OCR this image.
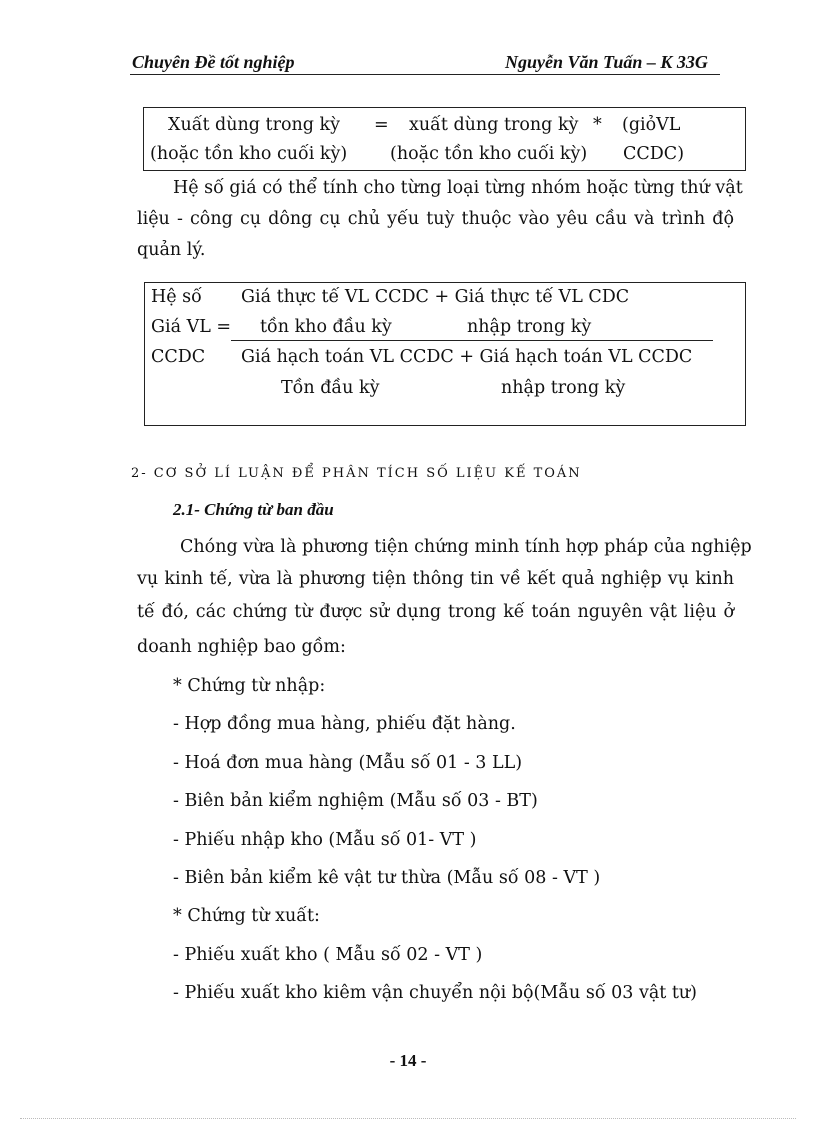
Chuyên Đề tốt nghiệp	Nguyễn Văn Tuấn – K 33G
Xuất dùng trong kỳ = xuất dùng trong kỳ * (giỏVL
(hoặc tồn kho cuối kỳ) (hoặc tồn kho cuối kỳ) CCDC)
Hệ số giá có thể tính cho từng loại từng nhóm hoặc từng thứ vật
liệu - công cụ dông cụ chủ yếu tuỳ thuộc vào yêu cầu và trình độ
quản lý.
Hệ số
Giá VL =
CCDC
Giá thực tế VL CCDC + Giá thực tế VL CDC
tồn kho đầu kỳ	nhập trong kỳ
Giá hạch toán VL CCDC + Giá hạch toán VL CCDC
Tồn đầu kỳ	nhập trong kỳ
2- CƠ SỞ LÍ LUẬN ĐỂ PHÂN TÍCH SỐ LIỆU KẾ TOÁN
2.1- Chứng từ ban đầu
Chóng vừa là phương tiện chứng minh tính hợp pháp của nghiệp
vụ kinh tế, vừa là phương tiện thông tin về kết quả nghiệp vụ kinh
tế đó, các chứng từ được sử dụng trong kế toán nguyên vật liệu ở
doanh nghiệp bao gồm:
* Chứng từ nhập:
- Hợp đồng mua hàng, phiếu đặt hàng.
- Hoá đơn mua hàng (Mẫu số 01 - 3 LL)
- Biên bản kiểm nghiệm (Mẫu số 03 - BT)
- Phiếu nhập kho (Mẫu số 01- VT )
- Biên bản kiểm kê vật tư thừa (Mẫu số 08 - VT )
* Chứng từ xuất:
- Phiếu xuất kho ( Mẫu số 02 - VT )
- Phiếu xuất kho kiêm vận chuyển nội bộ(Mẫu số 03 vật tư)
- 14 -
